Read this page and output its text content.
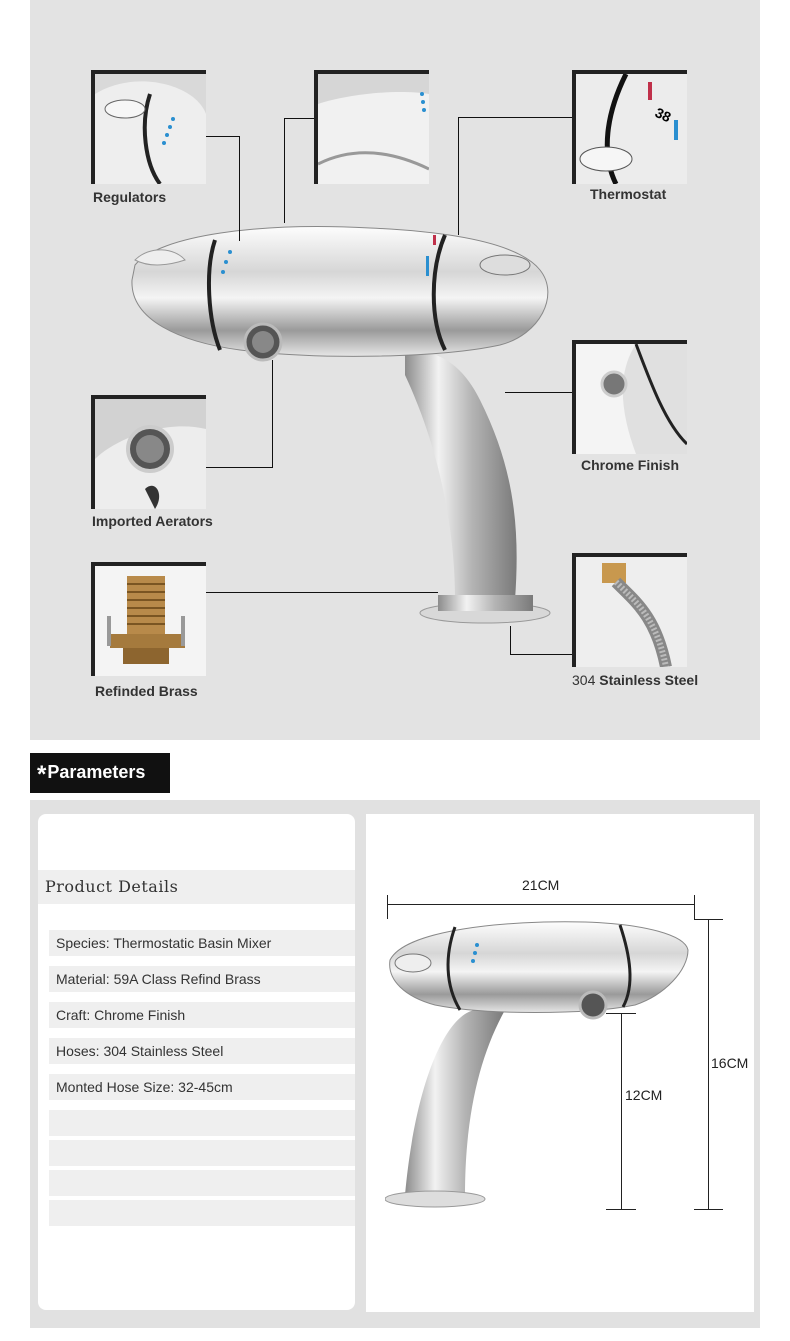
Regulators
38
Thermostat
Chrome Finish
Imported Aerators
Refinded Brass
304 Stainless Steel
*Parameters
Product Details
Species: Thermostatic Basin Mixer
Material: 59A Class Refind Brass
Craft: Chrome Finish
Hoses: 304 Stainless Steel
Monted Hose Size: 32-45cm
21CM
16CM
12CM
